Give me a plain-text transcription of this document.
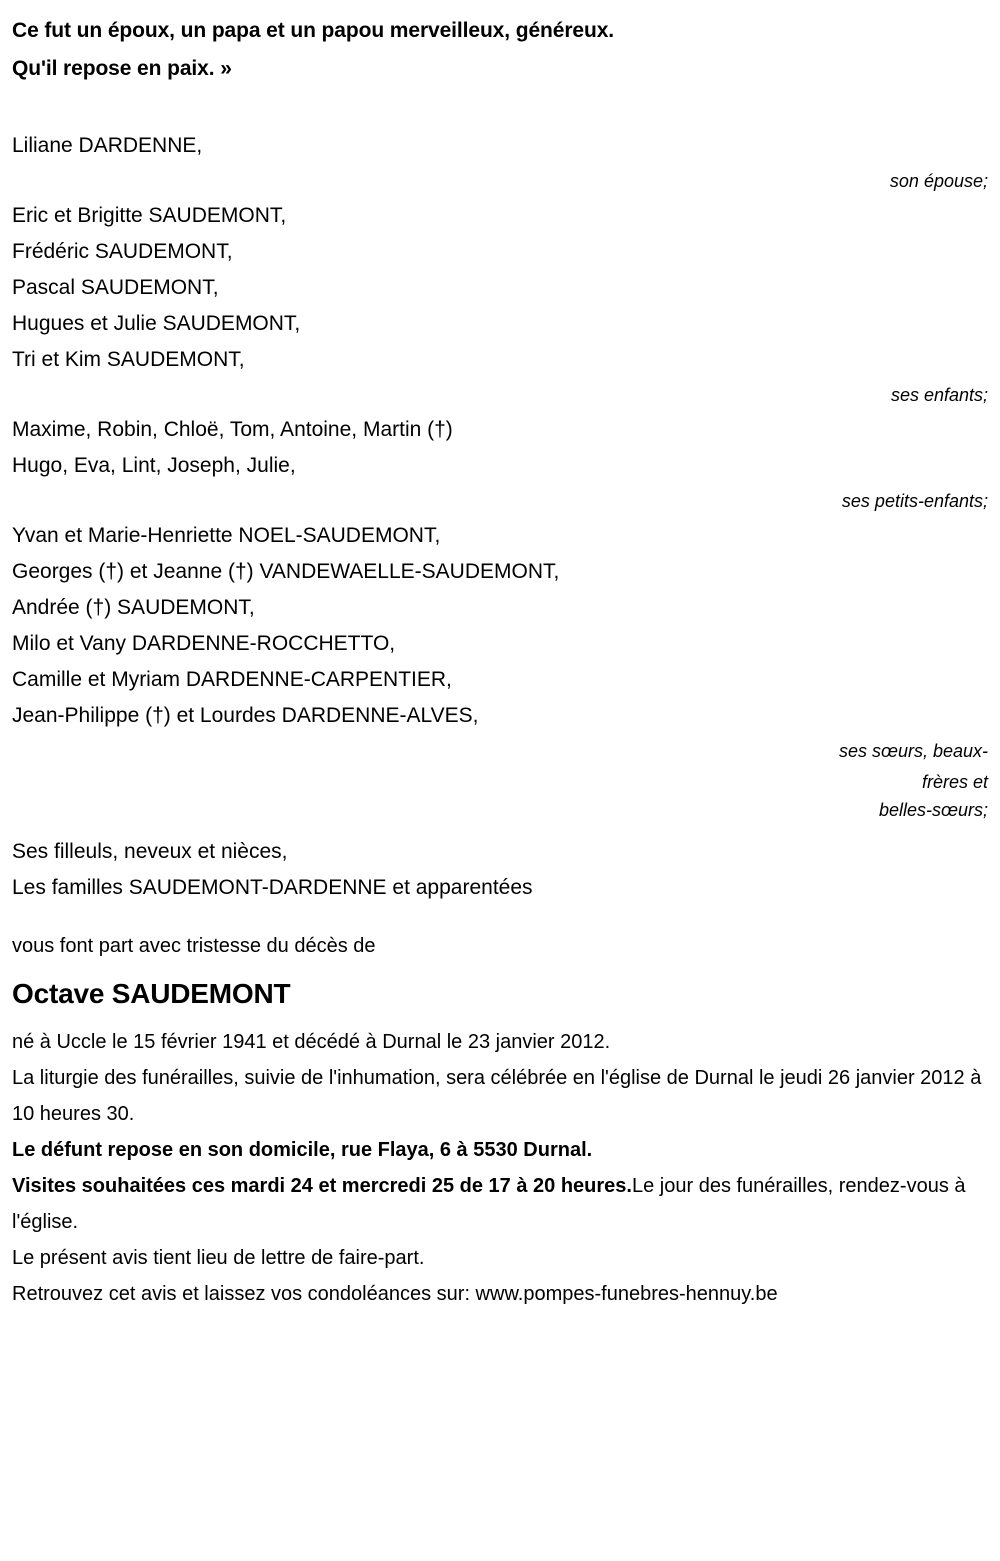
Ce fut un époux, un papa et un papou merveilleux, généreux.
Qu'il repose en paix. »
Liliane DARDENNE,
son épouse;
Eric et Brigitte SAUDEMONT,
Frédéric SAUDEMONT,
Pascal SAUDEMONT,
Hugues et Julie SAUDEMONT,
Tri et Kim SAUDEMONT,
ses enfants;
Maxime, Robin, Chloë, Tom, Antoine, Martin (†)
Hugo, Eva, Lint, Joseph, Julie,
ses petits-enfants;
Yvan et Marie-Henriette NOEL-SAUDEMONT,
Georges (†) et Jeanne (†) VANDEWAELLE-SAUDEMONT,
Andrée (†) SAUDEMONT,
Milo et Vany DARDENNE-ROCCHETTO,
Camille et Myriam DARDENNE-CARPENTIER,
Jean-Philippe (†) et Lourdes DARDENNE-ALVES,
ses sœurs, beaux-
frères et
belles-sœurs;
Ses filleuls, neveux et nièces,
Les familles SAUDEMONT-DARDENNE et apparentées
vous font part avec tristesse du décès de
Octave SAUDEMONT
né à Uccle le 15 février 1941 et décédé à Durnal le 23 janvier 2012.
La liturgie des funérailles, suivie de l'inhumation, sera célébrée en l'église de Durnal le jeudi 26 janvier 2012 à 10 heures 30.
Le défunt repose en son domicile, rue Flaya, 6 à 5530 Durnal.
Visites souhaitées ces mardi 24 et mercredi 25 de 17 à 20 heures.Le jour des funérailles, rendez-vous à l'église.
Le présent avis tient lieu de lettre de faire-part.
Retrouvez cet avis et laissez vos condoléances sur: www.pompes-funebres-hennuy.be
